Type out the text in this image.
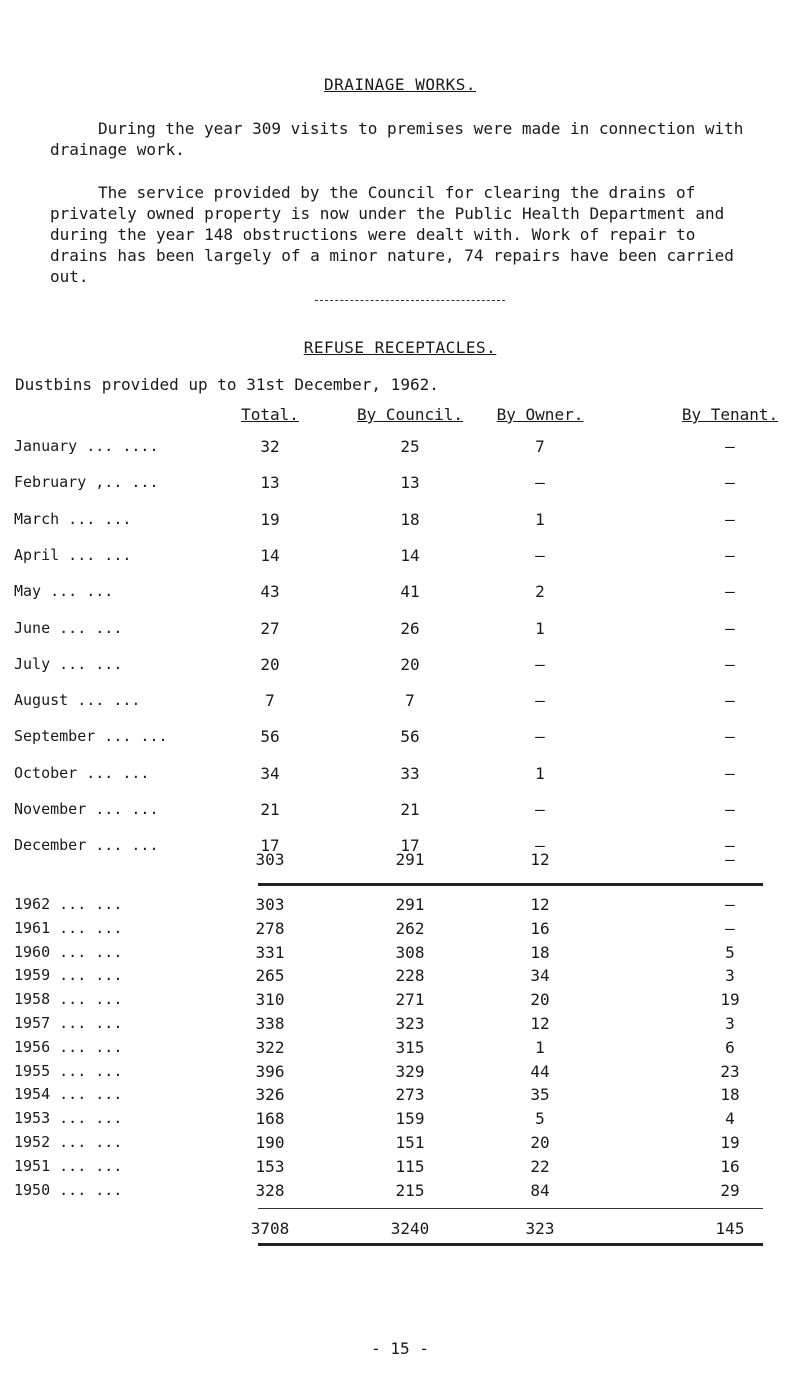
DRAINAGE WORKS.
During the year 309 visits to premises were made in connection with drainage work.
The service provided by the Council for clearing the drains of privately owned property is now under the Public Health Department and during the year 148 obstructions were dealt with. Work of repair to drains has been largely of a minor nature, 74 repairs have been carried out.
REFUSE RECEPTACLES.
Dustbins provided up to 31st December, 1962.
Total.	By Council.	By Owner.	By Tenant.
January ... ....	32	25	7	–
February ,.. ...	13	13	–	–
March ... ...	19	18	1	–
April ... ...	14	14	–	–
May ... ...	43	41	2	–
June ... ...	27	26	1	–
July ... ...	20	20	–	–
August ... ...	7	7	–	–
September ... ...	56	56	–	–
October ... ...	34	33	1	–
November ... ...	21	21	–	–
December ... ...	17	17	–	–
303	291	12	–
1962 ... ...	303	291	12	–
1961 ... ...	278	262	16	–
1960 ... ...	331	308	18	5
1959 ... ...	265	228	34	3
1958 ... ...	310	271	20	19
1957 ... ...	338	323	12	3
1956 ... ...	322	315	1	6
1955 ... ...	396	329	44	23
1954 ... ...	326	273	35	18
1953 ... ...	168	159	5	4
1952 ... ...	190	151	20	19
1951 ... ...	153	115	22	16
1950 ... ...	328	215	84	29
3708	3240	323	145
- 15 -
